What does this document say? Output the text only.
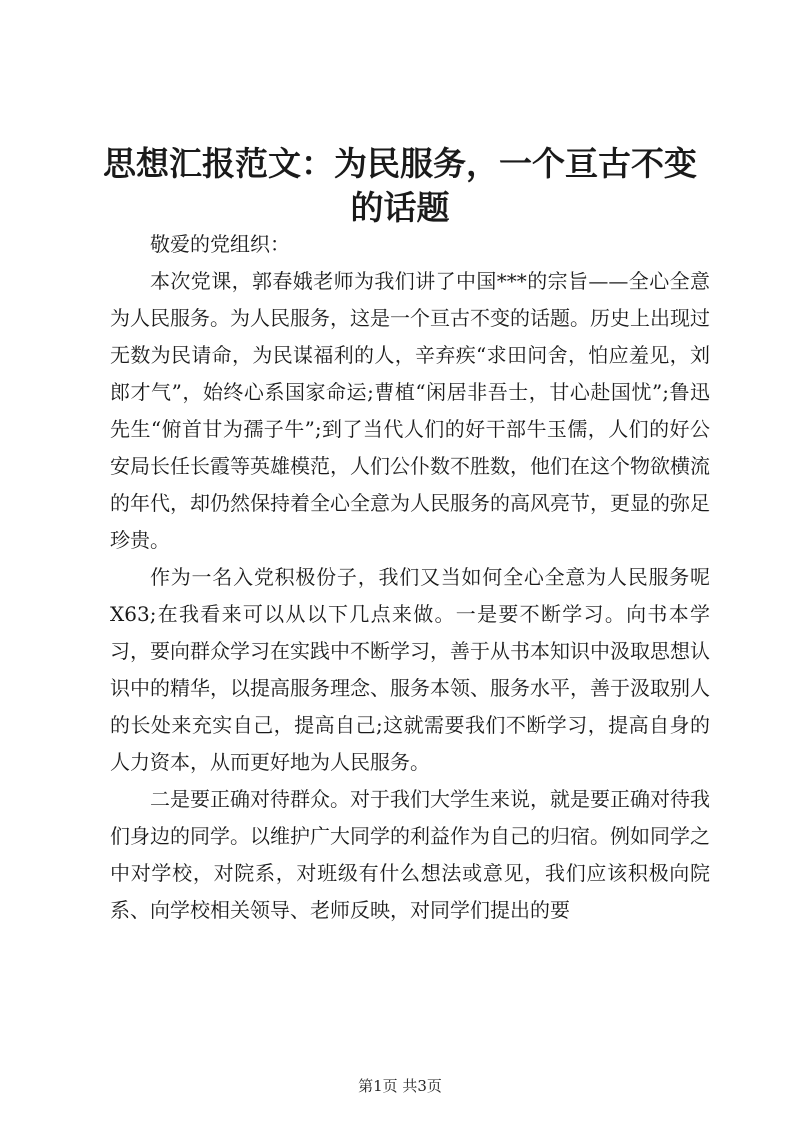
思想汇报范文：为民服务，一个亘古不变的话题
敬爱的党组织：

本次党课，郭春娥老师为我们讲了中国***的宗旨——全心全意为人民服务。为人民服务，这是一个亘古不变的话题。历史上出现过无数为民请命，为民谋福利的人，辛弃疾“求田问舍，怕应羞见，刘郎才气”，始终心系国家命运;曹植“闲居非吾士，甘心赴国忧”;鲁迅先生“俯首甘为孺子牛”;到了当代人们的好干部牛玉儒，人们的好公安局长任长霞等英雄模范，人们公仆数不胜数，他们在这个物欲横流的年代，却仍然保持着全心全意为人民服务的高风亮节，更显的弥足珍贵。

作为一名入党积极份子，我们又当如何全心全意为人民服务呢X63;在我看来可以从以下几点来做。一是要不断学习。向书本学习，要向群众学习在实践中不断学习，善于从书本知识中汲取思想认识中的精华，以提高服务理念、服务本领、服务水平，善于汲取别人的长处来充实自己，提高自己;这就需要我们不断学习，提高自身的人力资本，从而更好地为人民服务。

二是要正确对待群众。对于我们大学生来说，就是要正确对待我们身边的同学。以维护广大同学的利益作为自己的归宿。例如同学之中对学校，对院系，对班级有什么想法或意见，我们应该积极向院系、向学校相关领导、老师反映，对同学们提出的要

第1页 共3页
